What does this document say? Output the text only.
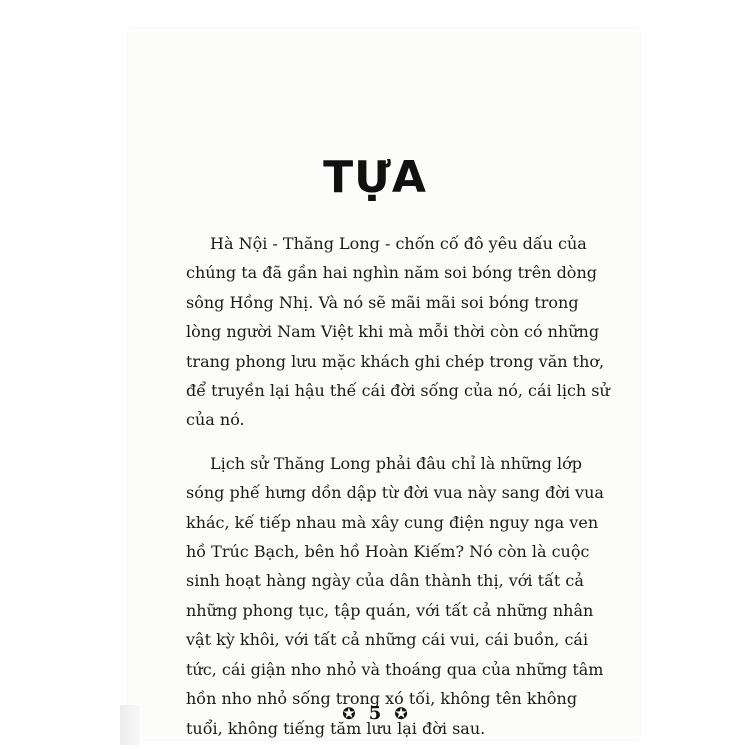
TỰA

Hà Nội - Thăng Long - chốn cố đô yêu dấu của
chúng ta đã gần hai nghìn năm soi bóng trên dòng
sông Hồng Nhị. Và nó sẽ mãi mãi soi bóng trong
lòng người Nam Việt khi mà mỗi thời còn có những
trang phong lưu mặc khách ghi chép trong văn thơ,
để truyền lại hậu thế cái đời sống của nó, cái lịch sử
của nó.

Lịch sử Thăng Long phải đâu chỉ là những lớp
sóng phế hưng dồn dập từ đời vua này sang đời vua
khác, kế tiếp nhau mà xây cung điện nguy nga ven
hồ Trúc Bạch, bên hồ Hoàn Kiếm? Nó còn là cuộc
sinh hoạt hàng ngày của dân thành thị, với tất cả
những phong tục, tập quán, với tất cả những nhân
vật kỳ khôi, với tất cả những cái vui, cái buồn, cái
tức, cái giận nho nhỏ và thoáng qua của những tâm
hồn nho nhỏ sống trong xó tối, không tên không
tuổi, không tiếng tăm lưu lại đời sau.

✪ 5 ✪
